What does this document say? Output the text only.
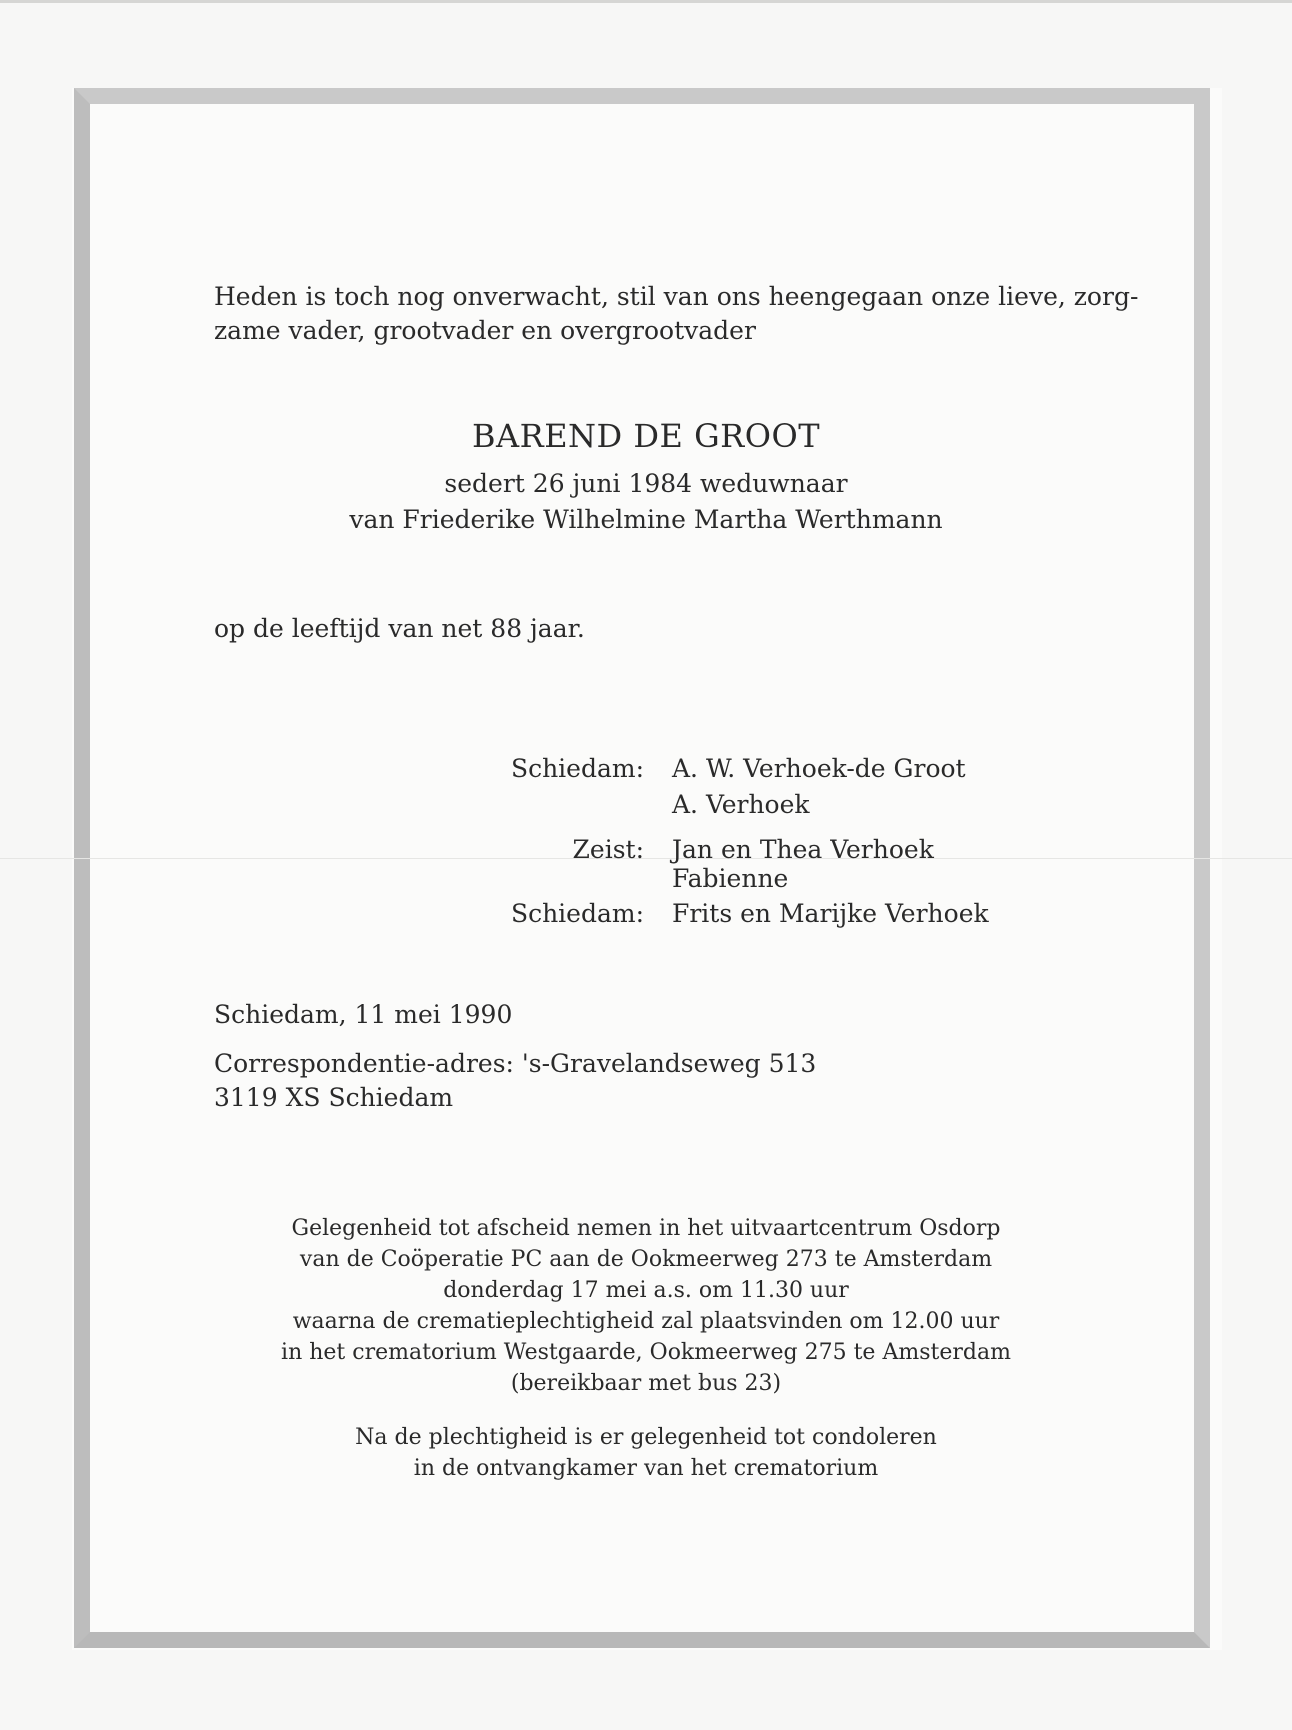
Heden is toch nog onverwacht, stil van ons heengegaan onze lieve, zorg-
zame vader, grootvader en overgrootvader
BAREND DE GROOT
sedert 26 juni 1984 weduwnaar
van Friederike Wilhelmine Martha Werthmann
op de leeftijd van net 88 jaar.
Schiedam: A. W. Verhoek-de Groot
A. Verhoek
Zeist: Jan en Thea Verhoek
Fabienne
Schiedam: Frits en Marijke Verhoek
Schiedam, 11 mei 1990
Correspondentie-adres: 's-Gravelandseweg 513
3119 XS Schiedam
Gelegenheid tot afscheid nemen in het uitvaartcentrum Osdorp
van de Coöperatie PC aan de Ookmeerweg 273 te Amsterdam
donderdag 17 mei a.s. om 11.30 uur
waarna de crematieplechtigheid zal plaatsvinden om 12.00 uur
in het crematorium Westgaarde, Ookmeerweg 275 te Amsterdam
(bereikbaar met bus 23)
Na de plechtigheid is er gelegenheid tot condoleren
in de ontvangkamer van het crematorium
